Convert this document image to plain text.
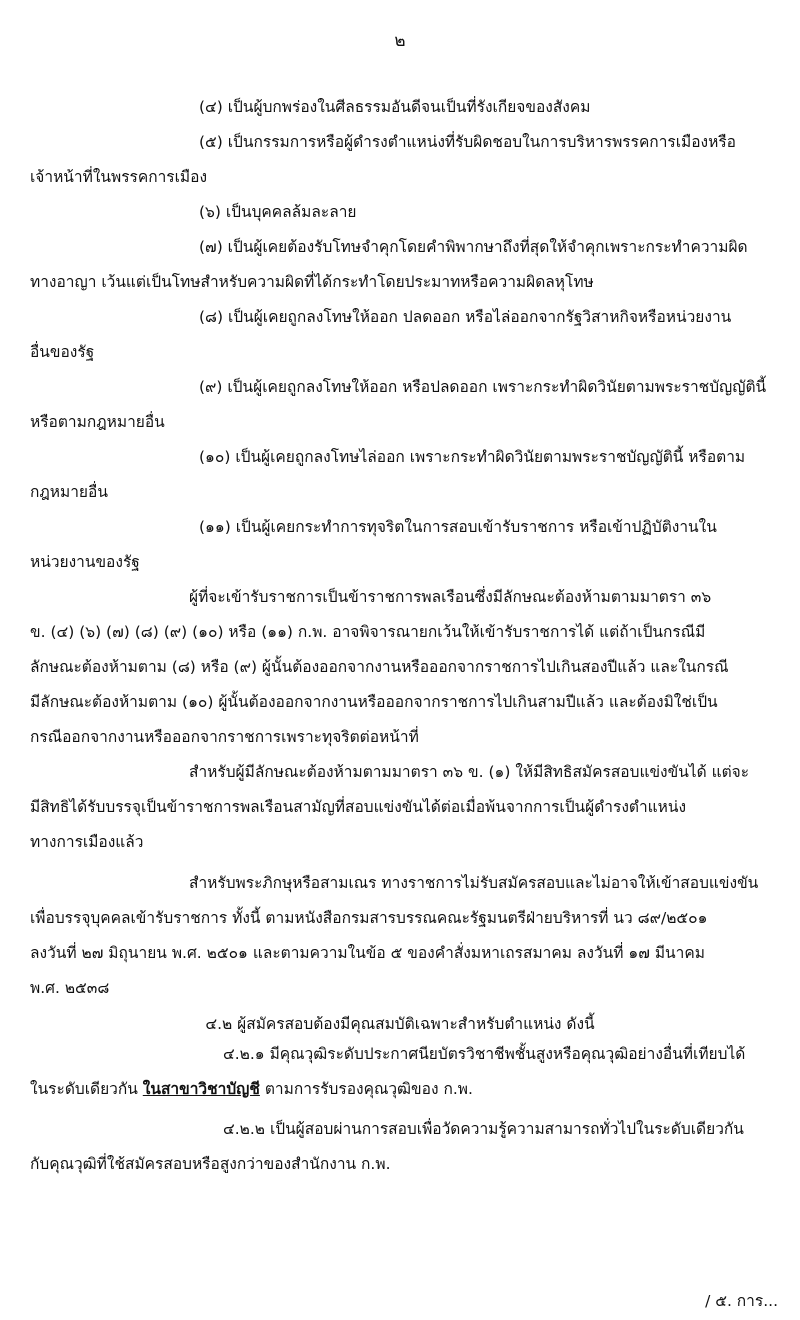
๒
(๔) เป็นผู้บกพร่องในศีลธรรมอันดีจนเป็นที่รังเกียจของสังคม
(๕) เป็นกรรมการหรือผู้ดำรงตำแหน่งที่รับผิดชอบในการบริหารพรรคการเมืองหรือ
เจ้าหน้าที่ในพรรคการเมือง
(๖) เป็นบุคคลล้มละลาย
(๗) เป็นผู้เคยต้องรับโทษจำคุกโดยคำพิพากษาถึงที่สุดให้จำคุกเพราะกระทำความผิด
ทางอาญา เว้นแต่เป็นโทษสำหรับความผิดที่ได้กระทำโดยประมาทหรือความผิดลหุโทษ
(๘) เป็นผู้เคยถูกลงโทษให้ออก ปลดออก หรือไล่ออกจากรัฐวิสาหกิจหรือหน่วยงาน
อื่นของรัฐ
(๙) เป็นผู้เคยถูกลงโทษให้ออก หรือปลดออก เพราะกระทำผิดวินัยตามพระราชบัญญัตินี้
หรือตามกฎหมายอื่น
(๑๐) เป็นผู้เคยถูกลงโทษไล่ออก เพราะกระทำผิดวินัยตามพระราชบัญญัตินี้ หรือตาม
กฎหมายอื่น
(๑๑) เป็นผู้เคยกระทำการทุจริตในการสอบเข้ารับราชการ หรือเข้าปฏิบัติงานใน
หน่วยงานของรัฐ
ผู้ที่จะเข้ารับราชการเป็นข้าราชการพลเรือนซึ่งมีลักษณะต้องห้ามตามมาตรา ๓๖
ข. (๔) (๖) (๗) (๘) (๙) (๑๐) หรือ (๑๑) ก.พ. อาจพิจารณายกเว้นให้เข้ารับราชการได้ แต่ถ้าเป็นกรณีมี
ลักษณะต้องห้ามตาม (๘) หรือ (๙) ผู้นั้นต้องออกจากงานหรือออกจากราชการไปเกินสองปีแล้ว และในกรณี
มีลักษณะต้องห้ามตาม (๑๐) ผู้นั้นต้องออกจากงานหรือออกจากราชการไปเกินสามปีแล้ว และต้องมิใช่เป็น
กรณีออกจากงานหรือออกจากราชการเพราะทุจริตต่อหน้าที่
สำหรับผู้มีลักษณะต้องห้ามตามมาตรา ๓๖ ข. (๑) ให้มีสิทธิสมัครสอบแข่งขันได้ แต่จะ
มีสิทธิได้รับบรรจุเป็นข้าราชการพลเรือนสามัญที่สอบแข่งขันได้ต่อเมื่อพ้นจากการเป็นผู้ดำรงตำแหน่ง
ทางการเมืองแล้ว
สำหรับพระภิกษุหรือสามเณร ทางราชการไม่รับสมัครสอบและไม่อาจให้เข้าสอบแข่งขัน
เพื่อบรรจุบุคคลเข้ารับราชการ ทั้งนี้ ตามหนังสือกรมสารบรรณคณะรัฐมนตรีฝ่ายบริหารที่ นว ๘๙/๒๕๐๑
ลงวันที่ ๒๗ มิถุนายน พ.ศ. ๒๕๐๑ และตามความในข้อ ๕ ของคำสั่งมหาเถรสมาคม ลงวันที่ ๑๗ มีนาคม
พ.ศ. ๒๕๓๘
๔.๒ ผู้สมัครสอบต้องมีคุณสมบัติเฉพาะสำหรับตำแหน่ง ดังนี้
๔.๒.๑ มีคุณวุฒิระดับประกาศนียบัตรวิชาชีพชั้นสูงหรือคุณวุฒิอย่างอื่นที่เทียบได้
ในระดับเดียวกัน ในสาขาวิชาบัญชี ตามการรับรองคุณวุฒิของ ก.พ.
๔.๒.๒ เป็นผู้สอบผ่านการสอบเพื่อวัดความรู้ความสามารถทั่วไปในระดับเดียวกัน
กับคุณวุฒิที่ใช้สมัครสอบหรือสูงกว่าของสำนักงาน ก.พ.
/ ๕. การ...
